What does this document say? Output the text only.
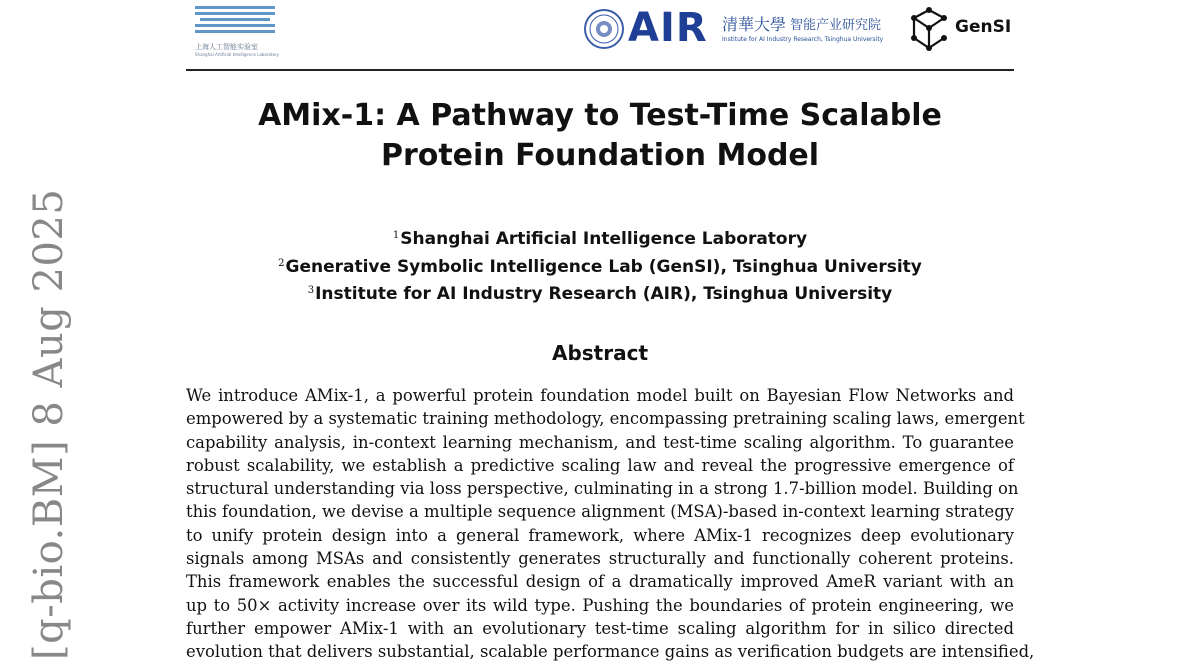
上海人工智能实验室
Shanghai Artificial Intelligence Laboratory
AIR 清華大學 智能产业研究院
Institute for AI Industry Research, Tsinghua University
GenSI
AMix-1: A Pathway to Test-Time Scalable
Protein Foundation Model
$^1$Shanghai Artificial Intelligence Laboratory
$^2$Generative Symbolic Intelligence Lab (GenSI), Tsinghua University
$^3$Institute for AI Industry Research (AIR), Tsinghua University
Abstract
We introduce AMix-1, a powerful protein foundation model built on Bayesian Flow Networks and
empowered by a systematic training methodology, encompassing pretraining scaling laws, emergent
capability analysis, in-context learning mechanism, and test-time scaling algorithm. To guarantee
robust scalability, we establish a predictive scaling law and reveal the progressive emergence of
structural understanding via loss perspective, culminating in a strong 1.7-billion model. Building on
this foundation, we devise a multiple sequence alignment (MSA)-based in-context learning strategy
to unify protein design into a general framework, where AMix-1 recognizes deep evolutionary
signals among MSAs and consistently generates structurally and functionally coherent proteins.
This framework enables the successful design of a dramatically improved AmeR variant with an
up to 50× activity increase over its wild type. Pushing the boundaries of protein engineering, we
further empower AMix-1 with an evolutionary test-time scaling algorithm for in silico directed
evolution that delivers substantial, scalable performance gains as verification budgets are intensified,
[q-bio.BM] 8 Aug 2025
